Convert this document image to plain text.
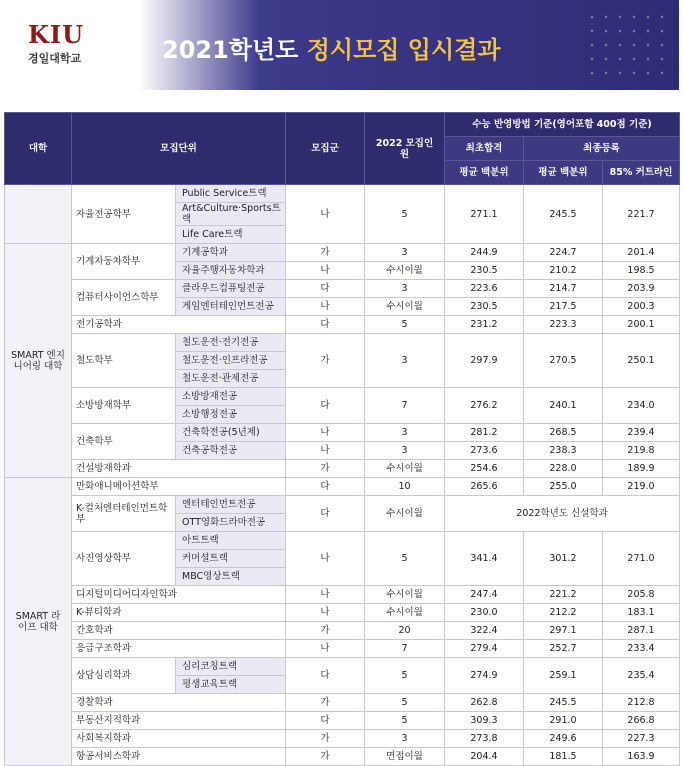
KIU
경일대학교	2021학년도 정시모집 입시결과
대학	모집단위		모집군	2022 모집인원	수능 반영방법 기준(영어포함 400점 기준)		
					최초합격	최종등록	
					평균 백분위	평균 백분위	85% 커트라인
	자율전공학부	Public Service트랙	나	5	271.1	245.5	221.7
		Art&Culture·Sports트랙					
		Life Care트랙					
SMART 엔지니어링 대학	기계자동차학부	기계공학과	가	3	244.9	224.7	201.4
		자율주행자동차학과	나	수시이월	230.5	210.2	198.5
	컴퓨터사이언스학부	클라우드컴퓨팅전공	다	3	223.6	214.7	203.9
		게임엔터테인먼트전공	나	수시이월	230.5	217.5	200.3
	전기공학과		다	5	231.2	223.3	200.1
	철도학부	철도운전·전기전공	가	3	297.9	270.5	250.1
		철도운전·인프라전공					
		철도운전·관제전공					
	소방방재학부	소방방재전공	다	7	276.2	240.1	234.0
		소방행정전공					
	건축학부	건축학전공(5년제)	나	3	281.2	268.5	239.4
		건축공학전공	나	3	273.6	238.3	219.8
	건설방재학과		가	수시이월	254.6	228.0	189.9
SMART 라이프 대학	만화애니메이션학부		다	10	265.6	255.0	219.0
	K-컬처엔터테인먼트학부	엔터테인먼트전공	다	수시이월	2022학년도 신설학과		
		OTT영화드라마전공					
	사진영상학부	아트트랙	나	5	341.4	301.2	271.0
		커머셜트랙					
		MBC영상트랙					
	디지털미디어디자인학과		나	수시이월	247.4	221.2	205.8
	K-뷰티학과		나	수시이월	230.0	212.2	183.1
	간호학과		가	20	322.4	297.1	287.1
	응급구조학과		나	7	279.4	252.7	233.4
	상담심리학과	심리코칭트랙	다	5	274.9	259.1	235.4
		평생교육트랙					
	경찰학과		가	5	262.8	245.5	212.8
	부동산지적학과		다	5	309.3	291.0	266.8
	사회복지학과		가	3	273.8	249.6	227.3
	항공서비스학과		가	면접이월	204.4	181.5	163.9
